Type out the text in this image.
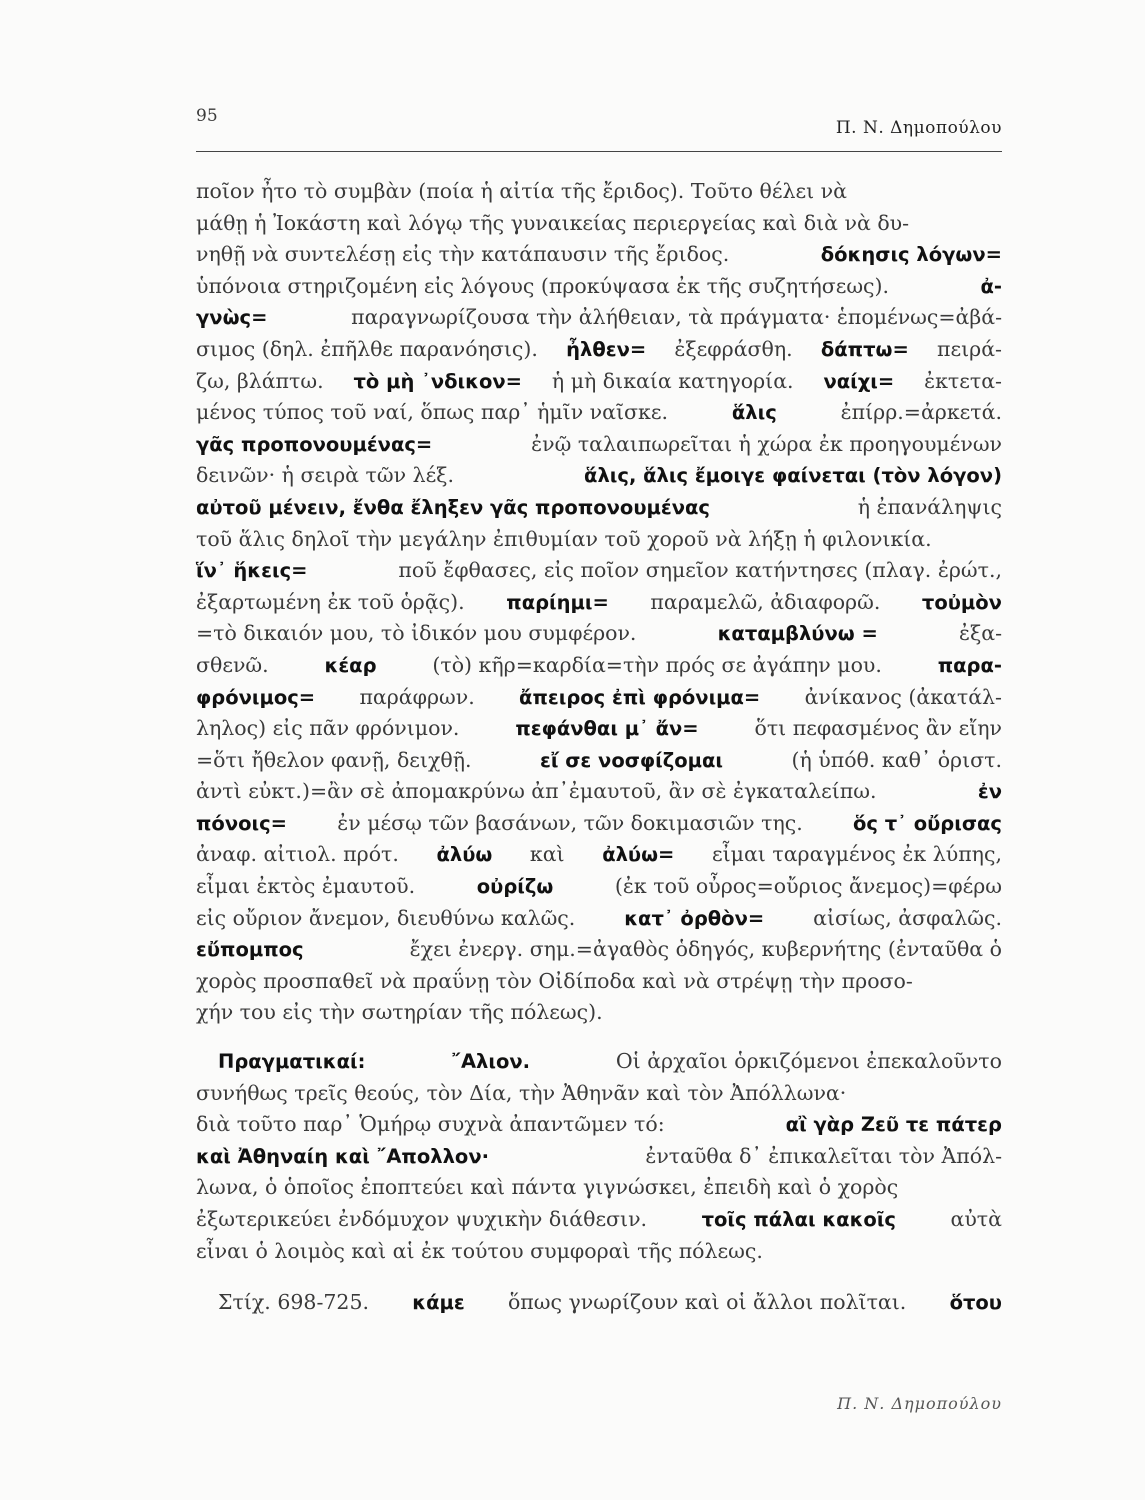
95
Π. Ν. Δημοπούλου
ποῖον ἦτο τὸ συμβὰν (ποία ἡ αἰτία τῆς ἔριδος). Τοῦτο θέλει νὰ
μάθῃ ἡ Ἰοκάστη καὶ λόγῳ τῆς γυναικείας περιεργείας καὶ διὰ νὰ δυ-
νηθῇ νὰ συντελέσῃ εἰς τὴν κατάπαυσιν τῆς ἔριδος.	δόκησις λόγων=
ὑπόνοια στηριζομένη εἰς λόγους (προκύψασα ἐκ τῆς συζητήσεως).	ἀ-
γνὼς=	παραγνωρίζουσα τὴν ἀλήθειαν, τὰ πράγματα· ἑπομένως=ἀβά-
σιμος (δηλ. ἐπῆλθε παρανόησις). ἦλθεν= ἐξεφράσθη. δάπτω= πειρά-
ζω, βλάπτω. τὸ μὴ ᾿νδικον= ἡ μὴ δικαία κατηγορία. ναίχι= ἐκτετα-
μένος τύπος τοῦ ναί, ὅπως παρ᾿ ἡμῖν ναῖσκε.	ἅλις	ἐπίρρ.=ἀρκετά.
γᾶς προπονουμένας=	ἐνῷ ταλαιπωρεῖται ἡ χώρα ἐκ προηγουμένων
δεινῶν· ἡ σειρὰ τῶν λέξ.	ἅλις, ἅλις ἔμοιγε φαίνεται (τὸν λόγον)
αὐτοῦ μένειν, ἔνθα ἔληξεν γᾶς προπονουμένας	ἡ ἐπανάληψις
τοῦ ἅλις δηλοῖ τὴν μεγάλην ἐπιθυμίαν τοῦ χοροῦ νὰ λήξῃ ἡ φιλονικία.
ἵν᾿ ἥκεις=	ποῦ ἔφθασες, εἰς ποῖον σημεῖον κατήντησες (πλαγ. ἐρώτ.,
ἐξαρτωμένη ἐκ τοῦ ὁρᾷς). παρίημι= παραμελῶ, ἀδιαφορῶ. τοὐμὸν
=τὸ δικαιόν μου, τὸ ἰδικόν μου συμφέρον.	καταμβλύνω =	ἐξα-
σθενῶ.	κέαρ	(τὸ) κῆρ=καρδία=τὴν πρός σε ἀγάπην μου.	παρα-
φρόνιμος= παράφρων. ἄπειρος ἐπὶ φρόνιμα= ἀνίκανος (ἀκατάλ-
ληλος) εἰς πᾶν φρόνιμον.	πεφάνθαι μ᾿ ἄν=	ὅτι πεφασμένος ἂν εἴην
=ὅτι ἤθελον φανῇ, δειχθῇ.	εἴ σε νοσφίζομαι	(ἡ ὑπόθ. καθ᾿ ὁριστ.
ἀντὶ εὐκτ.)=ἂν σὲ ἀπομακρύνω ἀπ᾿ἐμαυτοῦ, ἂν σὲ ἐγκαταλείπω.	ἐν
πόνοις= ἐν μέσῳ τῶν βασάνων, τῶν δοκιμασιῶν της.	ὅς τ᾿ οὔρισας
ἀναφ. αἰτιολ. πρότ. ἀλύω καὶ ἀλύω= εἶμαι ταραγμένος ἐκ λύπης,
εἶμαι ἐκτὸς ἐμαυτοῦ.	οὐρίζω	(ἐκ τοῦ οὖρος=οὔριος ἄνεμος)=φέρω
εἰς οὔριον ἄνεμον, διευθύνω καλῶς.	κατ᾿ ὀρθὸν= αἰσίως, ἀσφαλῶς.
εὔπομπος	ἔχει ἐνεργ. σημ.=ἀγαθὸς ὁδηγός, κυβερνήτης (ἐνταῦθα ὁ
χορὸς προσπαθεῖ νὰ πραΰνῃ τὸν Οἰδίποδα καὶ νὰ στρέψῃ τὴν προσο-
χήν του εἰς τὴν σωτηρίαν τῆς πόλεως).
Πραγματικαί:	῎Αλιον.	Οἱ ἀρχαῖοι ὁρκιζόμενοι ἐπεκαλοῦντο
συνήθως τρεῖς θεούς, τὸν Δία, τὴν Ἀθηνᾶν καὶ τὸν Ἀπόλλωνα·
διὰ τοῦτο παρ᾿ Ὁμήρῳ συχνὰ ἀπαντῶμεν τό:	αἲ γὰρ Ζεῦ τε πάτερ
καὶ Ἀθηναίη καὶ ῎Απολλον·	ἐνταῦθα δ᾿ ἐπικαλεῖται τὸν Ἀπόλ-
λωνα, ὁ ὁποῖος ἐποπτεύει καὶ πάντα γιγνώσκει, ἐπειδὴ καὶ ὁ χορὸς
ἐξωτερικεύει ἐνδόμυχον ψυχικὴν διάθεσιν.	τοῖς πάλαι κακοῖς	αὐτὰ
εἶναι ὁ λοιμὸς καὶ αἱ ἐκ τούτου συμφοραὶ τῆς πόλεως.
Στίχ. 698-725. κάμε ὅπως γνωρίζουν καὶ οἱ ἄλλοι πολῖται. ὅτου
Π. Ν. Δημοπούλου
